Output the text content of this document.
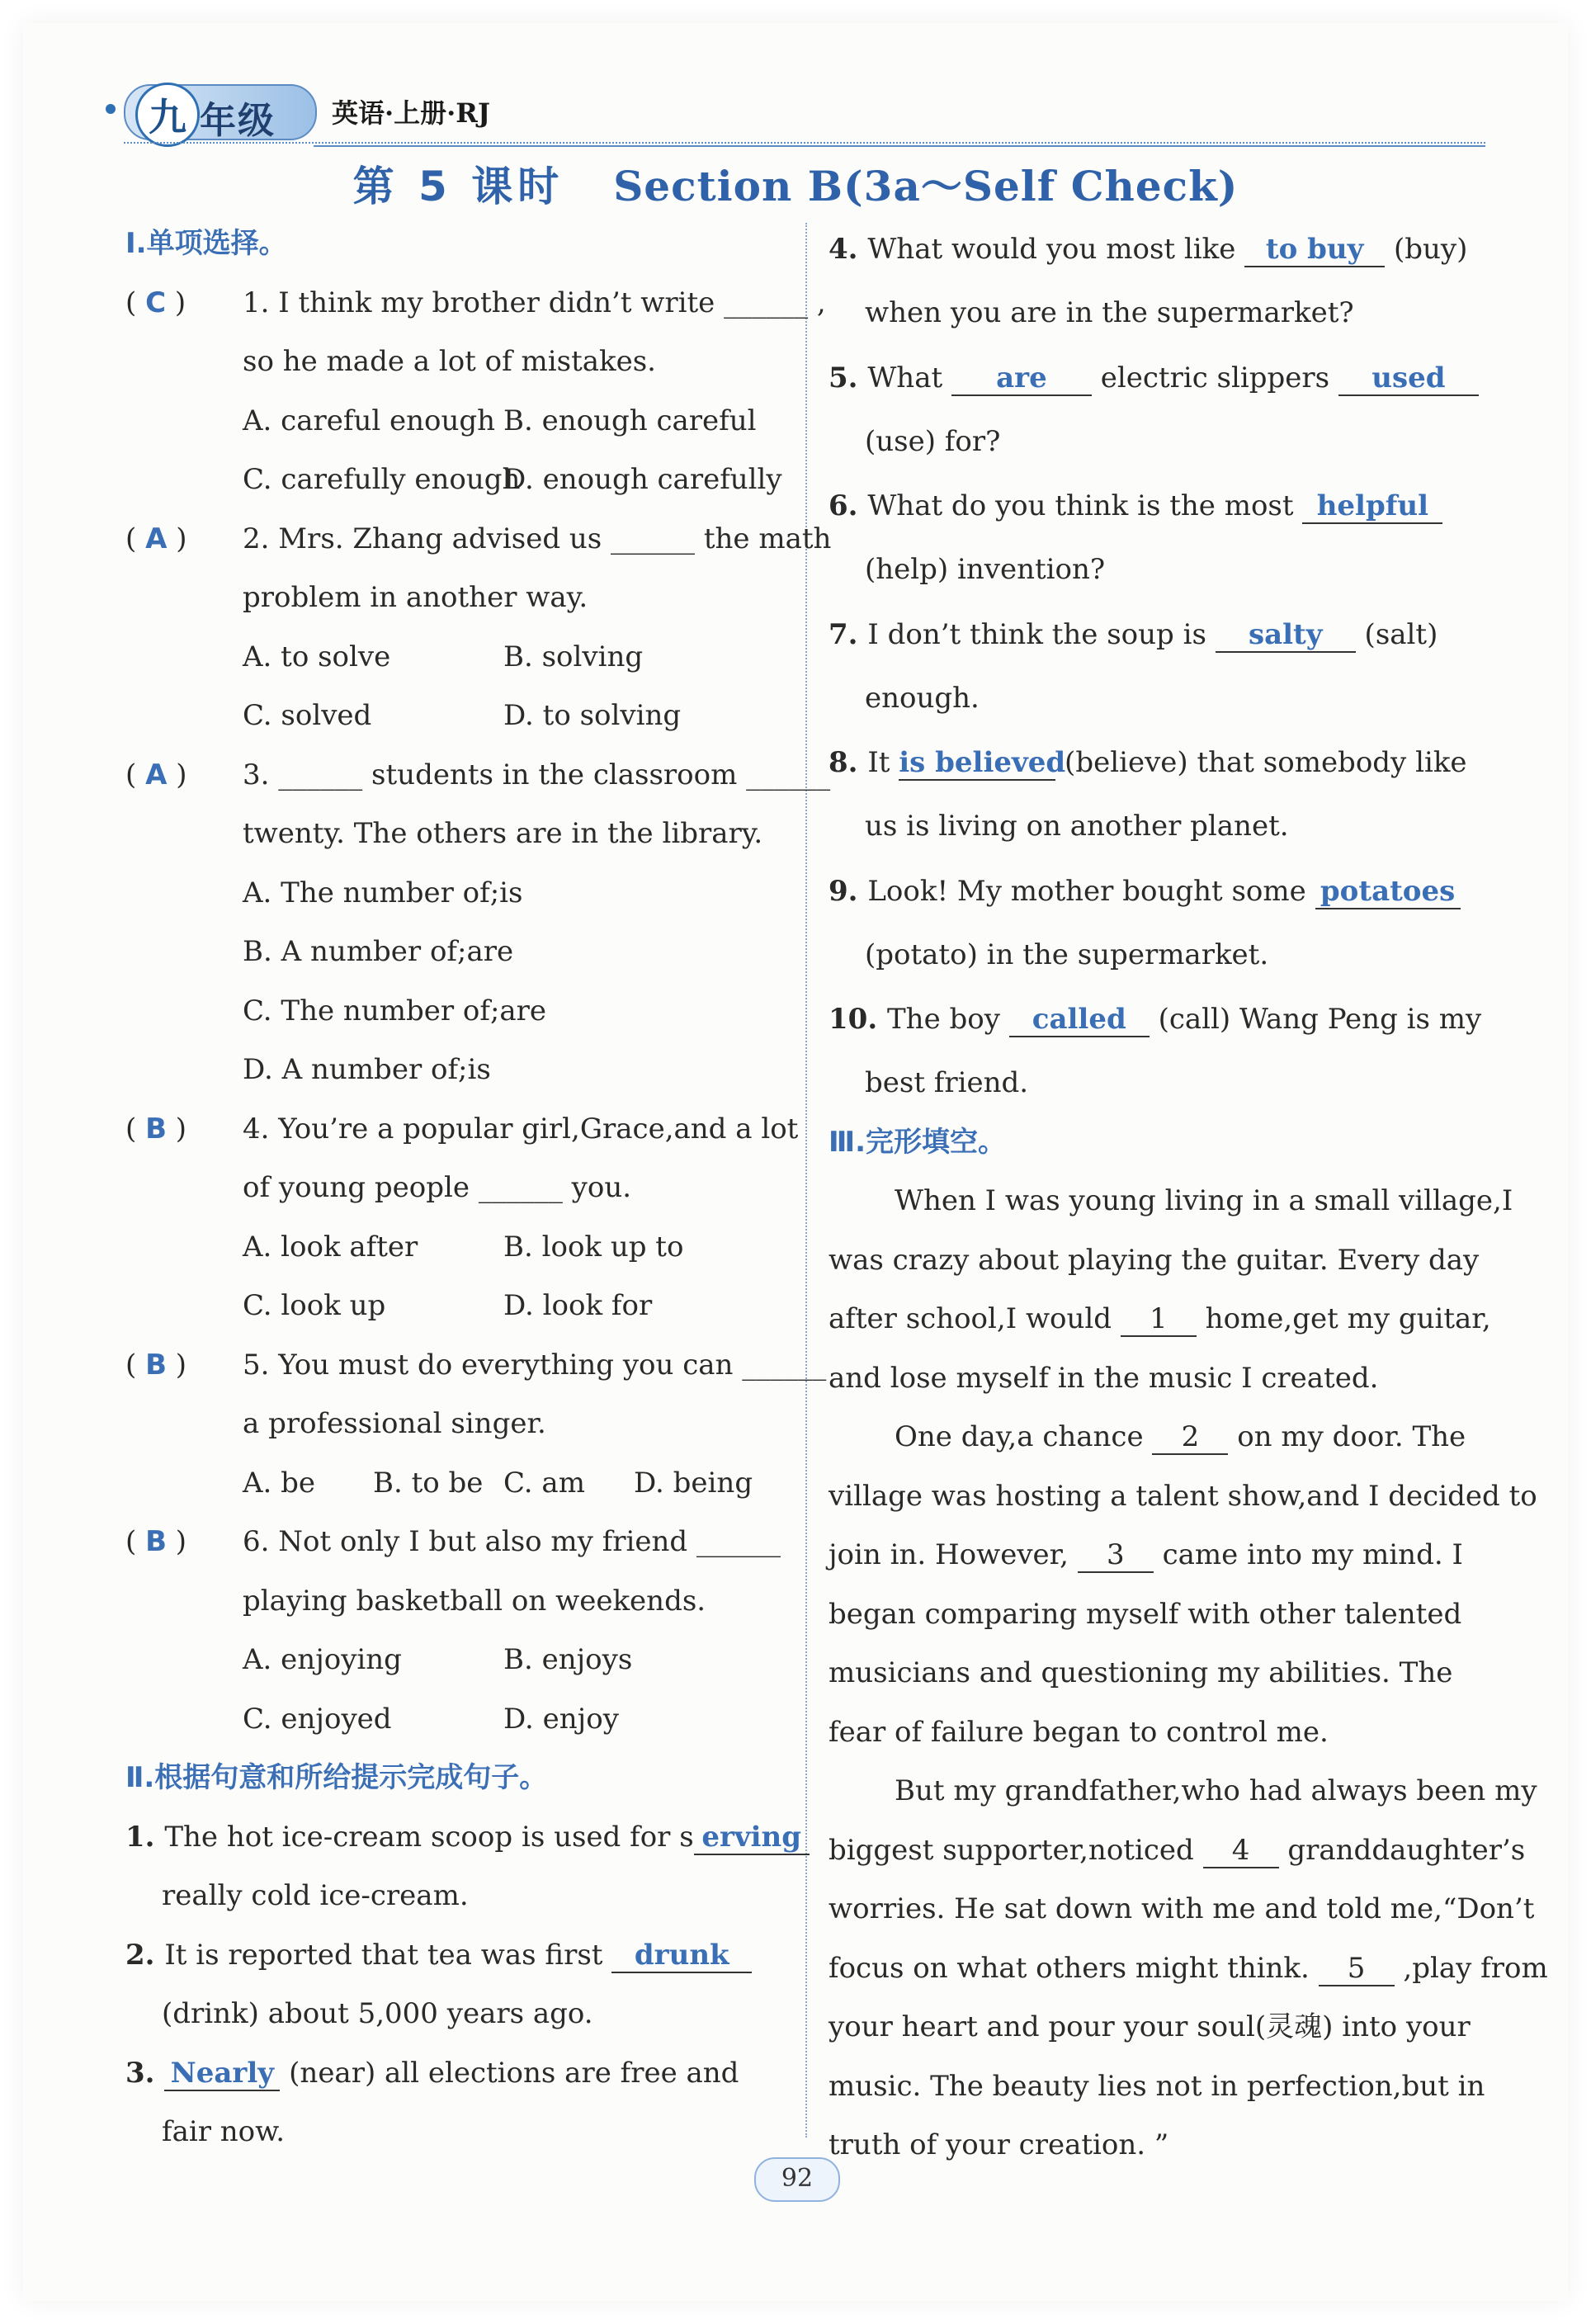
九 年级 英语·上册·RJ
第 5 课时 Section B(3a～Self Check)
Ⅰ.单项选择。
( C ) 1. I think my brother didn’t write ______ ,
so he made a lot of mistakes.
A. careful enough B. enough careful
C. carefully enough
D. enough carefully
( A ) 2. Mrs. Zhang advised us ______ the math
problem in another way.
A. to solve	B. solving
C. solved	D. to solving
( A ) 3. ______ students in the classroom ______
twenty. The others are in the library.
A. The number of;is
B. A number of;are
C. The number of;are
D. A number of;is
( B ) 4. You’re a popular girl,Grace,and a lot
of young people ______ you.
A. look after	B. look up to
C. look up	D. look for
( B ) 5. You must do everything you can ______
a professional singer.
A. be	B. to be C. am	D. being
( B ) 6. Not only I but also my friend ______
playing basketball on weekends.
A. enjoying	B. enjoys
C. enjoyed	D. enjoy
Ⅱ.根据句意和所给提示完成句子。
1. The hot ice-cream scoop is used for s erving
really cold ice-cream.
2. It is reported that tea was first drunk
(drink) about 5,000 years ago.
3. Nearly (near) all elections are free and
fair now.
4. What would you most like to buy (buy)
when you are in the supermarket?
5. What are electric slippers used
(use) for?
6. What do you think is the most helpful
(help) invention?
7. I don’t think the soup is salty (salt)
enough.
8. It is believed (believe) that somebody like
us is living on another planet.
9. Look! My mother bought some potatoes
(potato) in the supermarket.
10. The boy called (call) Wang Peng is my
best friend.
Ⅲ.完形填空。
When I was young living in a small village,I
was crazy about playing the guitar. Every day
after school,I would 1 home,get my guitar,
and lose myself in the music I created.
One day,a chance 2 on my door. The
village was hosting a talent show,and I decided to
join in. However, 3 came into my mind. I
began comparing myself with other talented
musicians and questioning my abilities. The
fear of failure began to control me.
But my grandfather,who had always been my
biggest supporter,noticed 4 granddaughter’s
worries. He sat down with me and told me,“Don’t
focus on what others might think. 5 ,play from
your heart and pour your soul(灵魂) into your
music. The beauty lies not in perfection,but in
truth of your creation. ”
92
